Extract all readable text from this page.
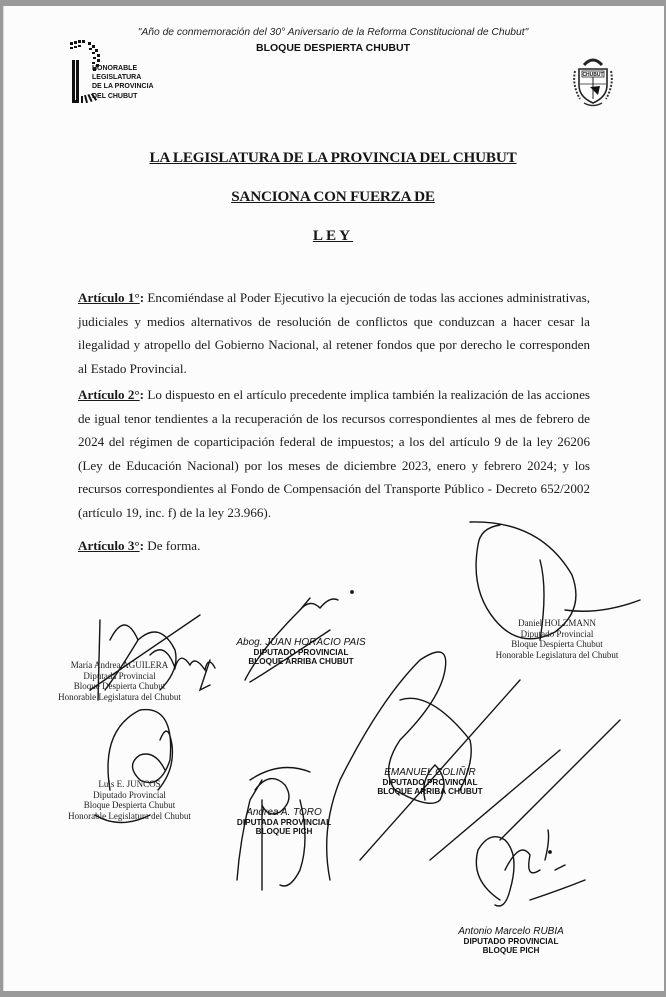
HONORABLE
LEGISLATURA
DE LA PROVINCIA
DEL CHUBUT
"Año de conmemoración del 30° Aniversario de la Reforma Constitucional de Chubut"
BLOQUE DESPIERTA CHUBUT
CHUBUT
LA LEGISLATURA DE LA PROVINCIA DEL CHUBUT
SANCIONA CON FUERZA DE
LEY
Artículo 1°: Encomiéndase al Poder Ejecutivo la ejecución de todas las acciones administrativas, judiciales y medios alternativos de resolución de conflictos que conduzcan a hacer cesar la ilegalidad y atropello del Gobierno Nacional, al retener fondos que por derecho le corresponden al Estado Provincial.
Artículo 2°: Lo dispuesto en el artículo precedente implica también la realización de las acciones de igual tenor tendientes a la recuperación de los recursos correspondientes al mes de febrero de 2024 del régimen de coparticipación federal de impuestos; a los del artículo 9 de la ley 26206 (Ley de Educación Nacional) por los meses de diciembre 2023, enero y febrero 2024; y los recursos correspondientes al Fondo de Compensación del Transporte Público - Decreto 652/2002 (artículo 19, inc. f) de la ley 23.966).
Artículo 3°: De forma.
María Andrea AGUILERA
Diputada Provincial
Bloque Despierta Chubut
Honorable Legislatura del Chubut
Abog. JUAN HORACIO PAIS
DIPUTADO PROVINCIAL
BLOQUE ARRIBA CHUBUT
Daniel HOLZMANN
Diputado Provincial
Bloque Despierta Chubut
Honorable Legislatura del Chubut
Luis E. JUNCOS
Diputado Provincial
Bloque Despierta Chubut
Honorable Legislatura del Chubut	Andrea A. TORO
DIPUTADA PROVINCIAL
BLOQUE PICH
EMANUEL COLIÑIR
DIPUTADO PROVINCIAL
BLOQUE ARRIBA CHUBUT
Antonio Marcelo RUBIA
DIPUTADO PROVINCIAL
BLOQUE PICH
